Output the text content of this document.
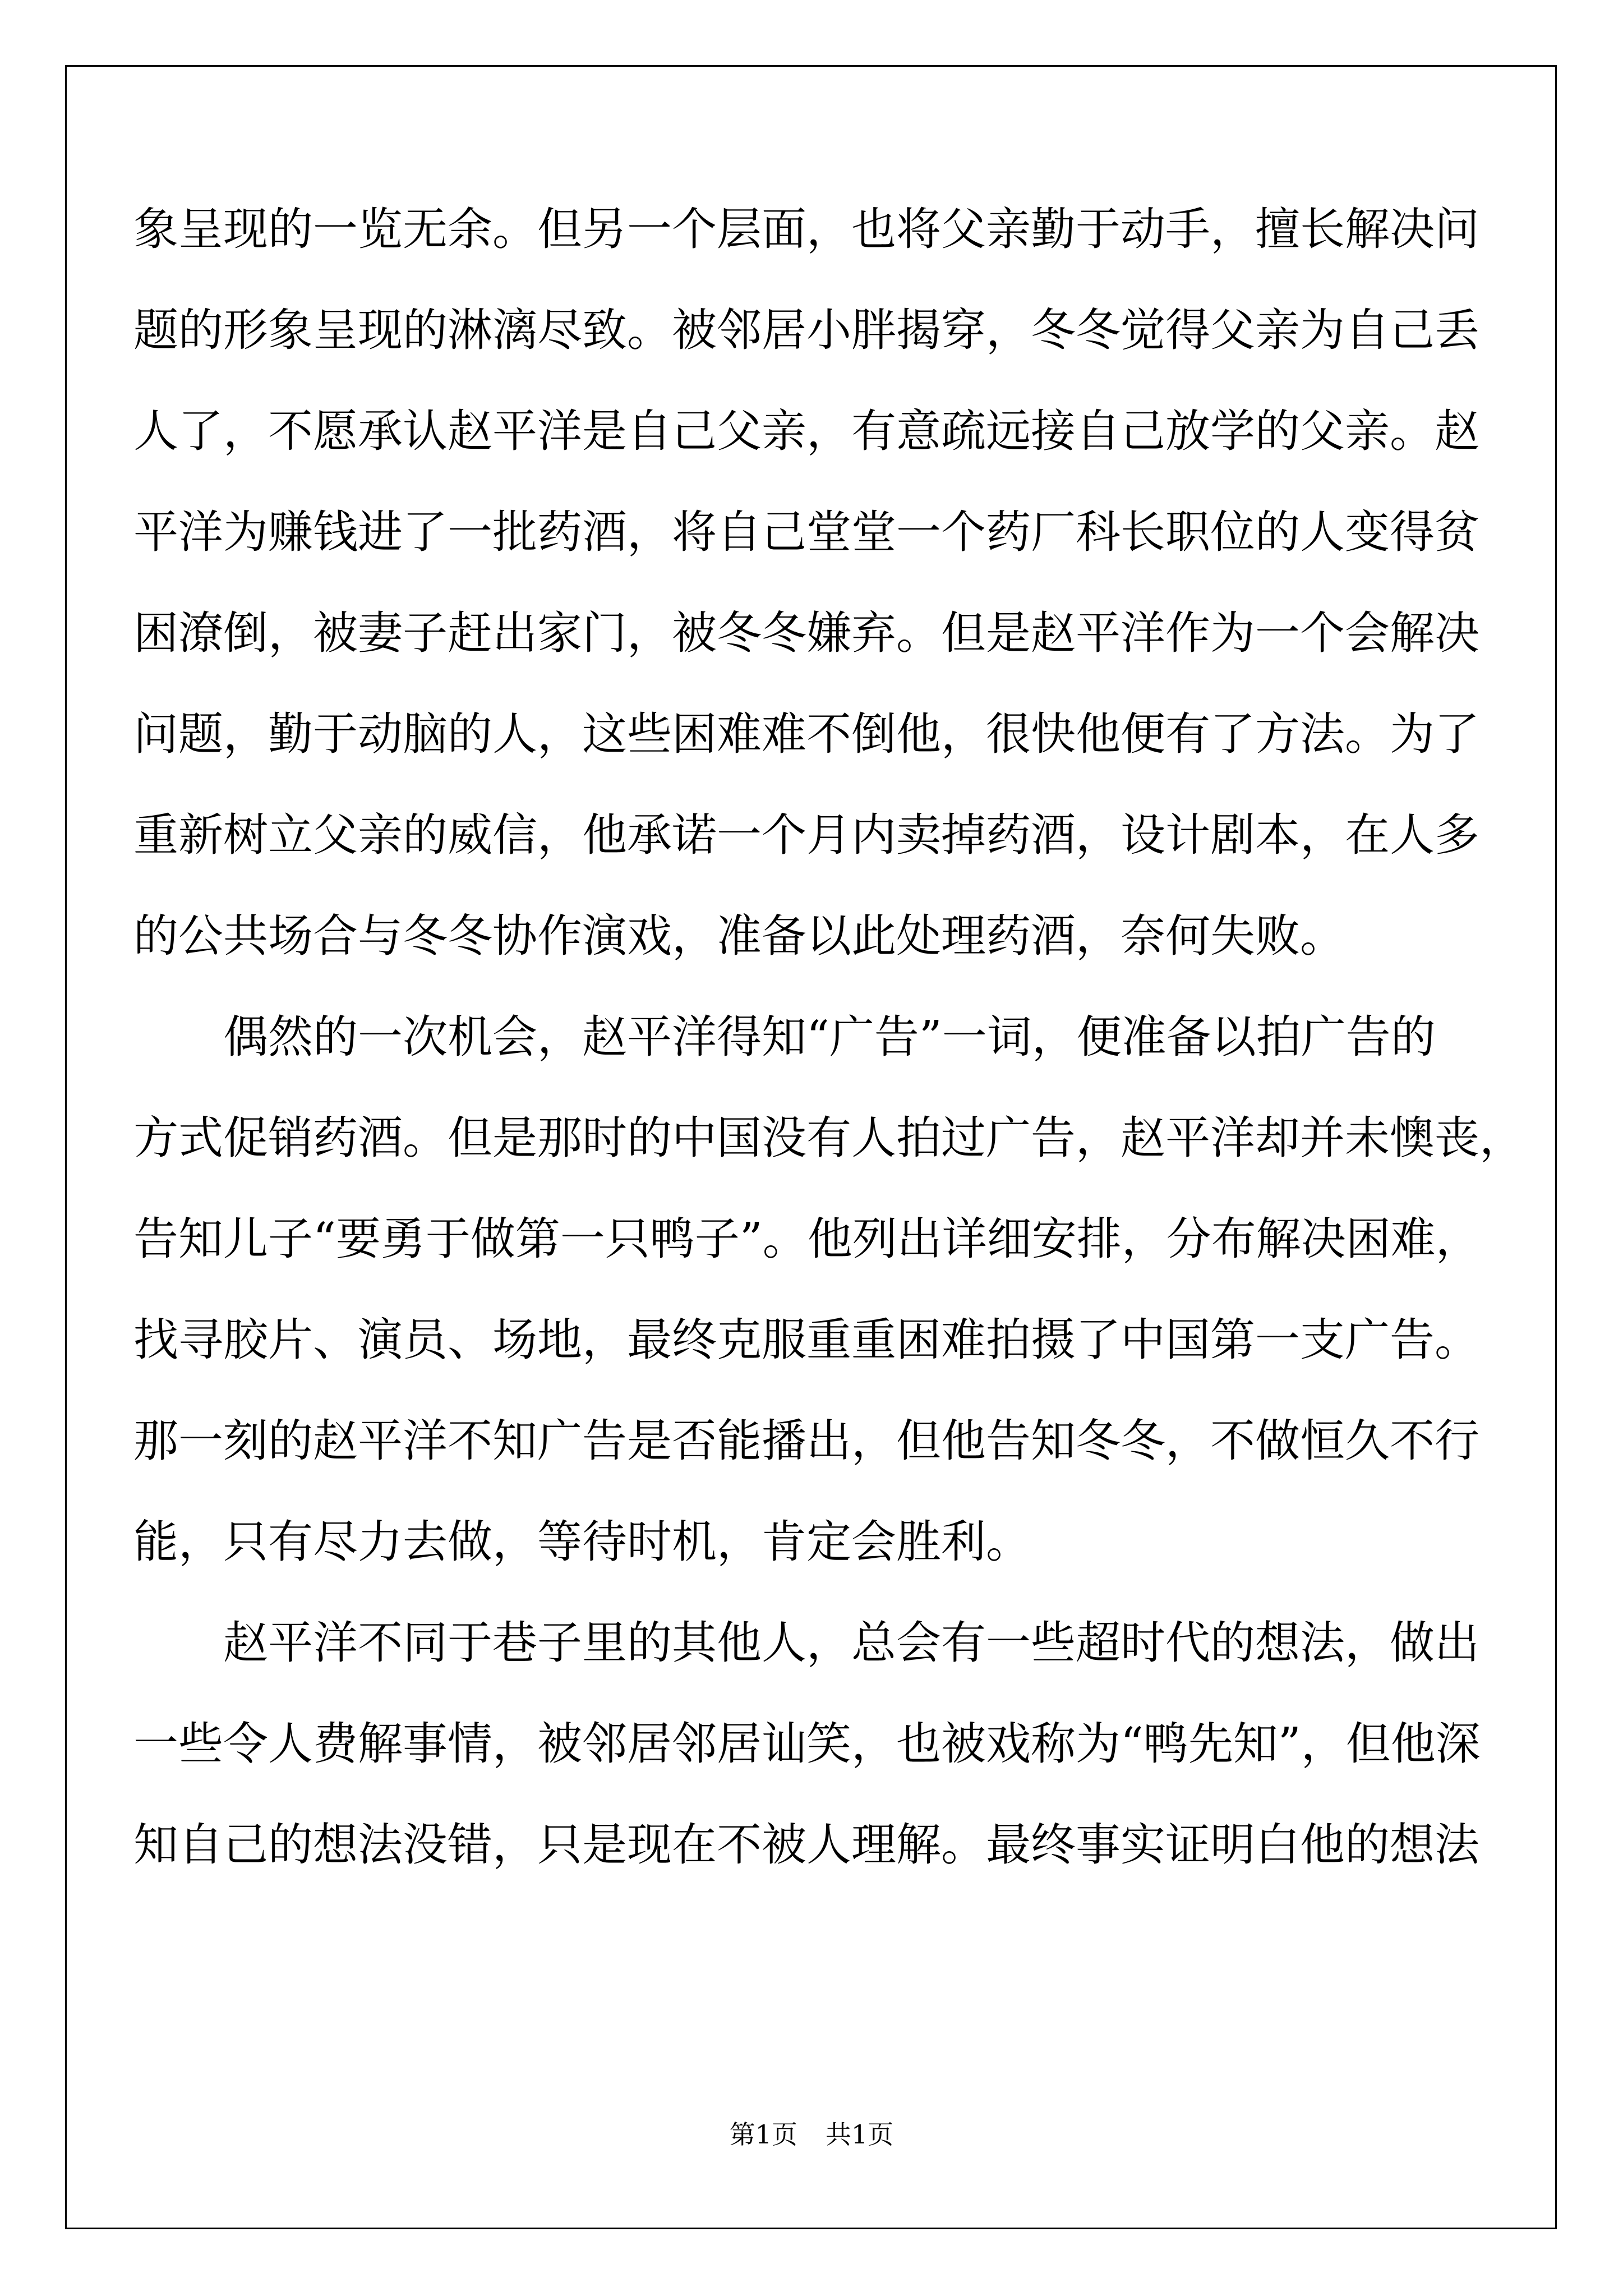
象呈现的一览无余。但另一个层面，也将父亲勤于动手，擅长解决问
题的形象呈现的淋漓尽致。被邻居小胖揭穿，冬冬觉得父亲为自己丢
人了，不愿承认赵平洋是自己父亲，有意疏远接自己放学的父亲。赵
平洋为赚钱进了一批药酒，将自己堂堂一个药厂科长职位的人变得贫
困潦倒，被妻子赶出家门，被冬冬嫌弃。但是赵平洋作为一个会解决
问题，勤于动脑的人，这些困难难不倒他，很快他便有了方法。为了
重新树立父亲的威信，他承诺一个月内卖掉药酒，设计剧本，在人多
的公共场合与冬冬协作演戏，准备以此处理药酒，奈何失败。
偶然的一次机会，赵平洋得知“广告”一词，便准备以拍广告的
方式促销药酒。但是那时的中国没有人拍过广告，赵平洋却并未懊丧，
告知儿子“要勇于做第一只鸭子”。他列出详细安排，分布解决困难，
找寻胶片、演员、场地，最终克服重重困难拍摄了中国第一支广告。
那一刻的赵平洋不知广告是否能播出，但他告知冬冬，不做恒久不行
能，只有尽力去做，等待时机，肯定会胜利。
赵平洋不同于巷子里的其他人，总会有一些超时代的想法，做出
一些令人费解事情，被邻居邻居讪笑，也被戏称为“鸭先知”，但他深
知自己的想法没错，只是现在不被人理解。最终事实证明白他的想法
第1页 共1页
